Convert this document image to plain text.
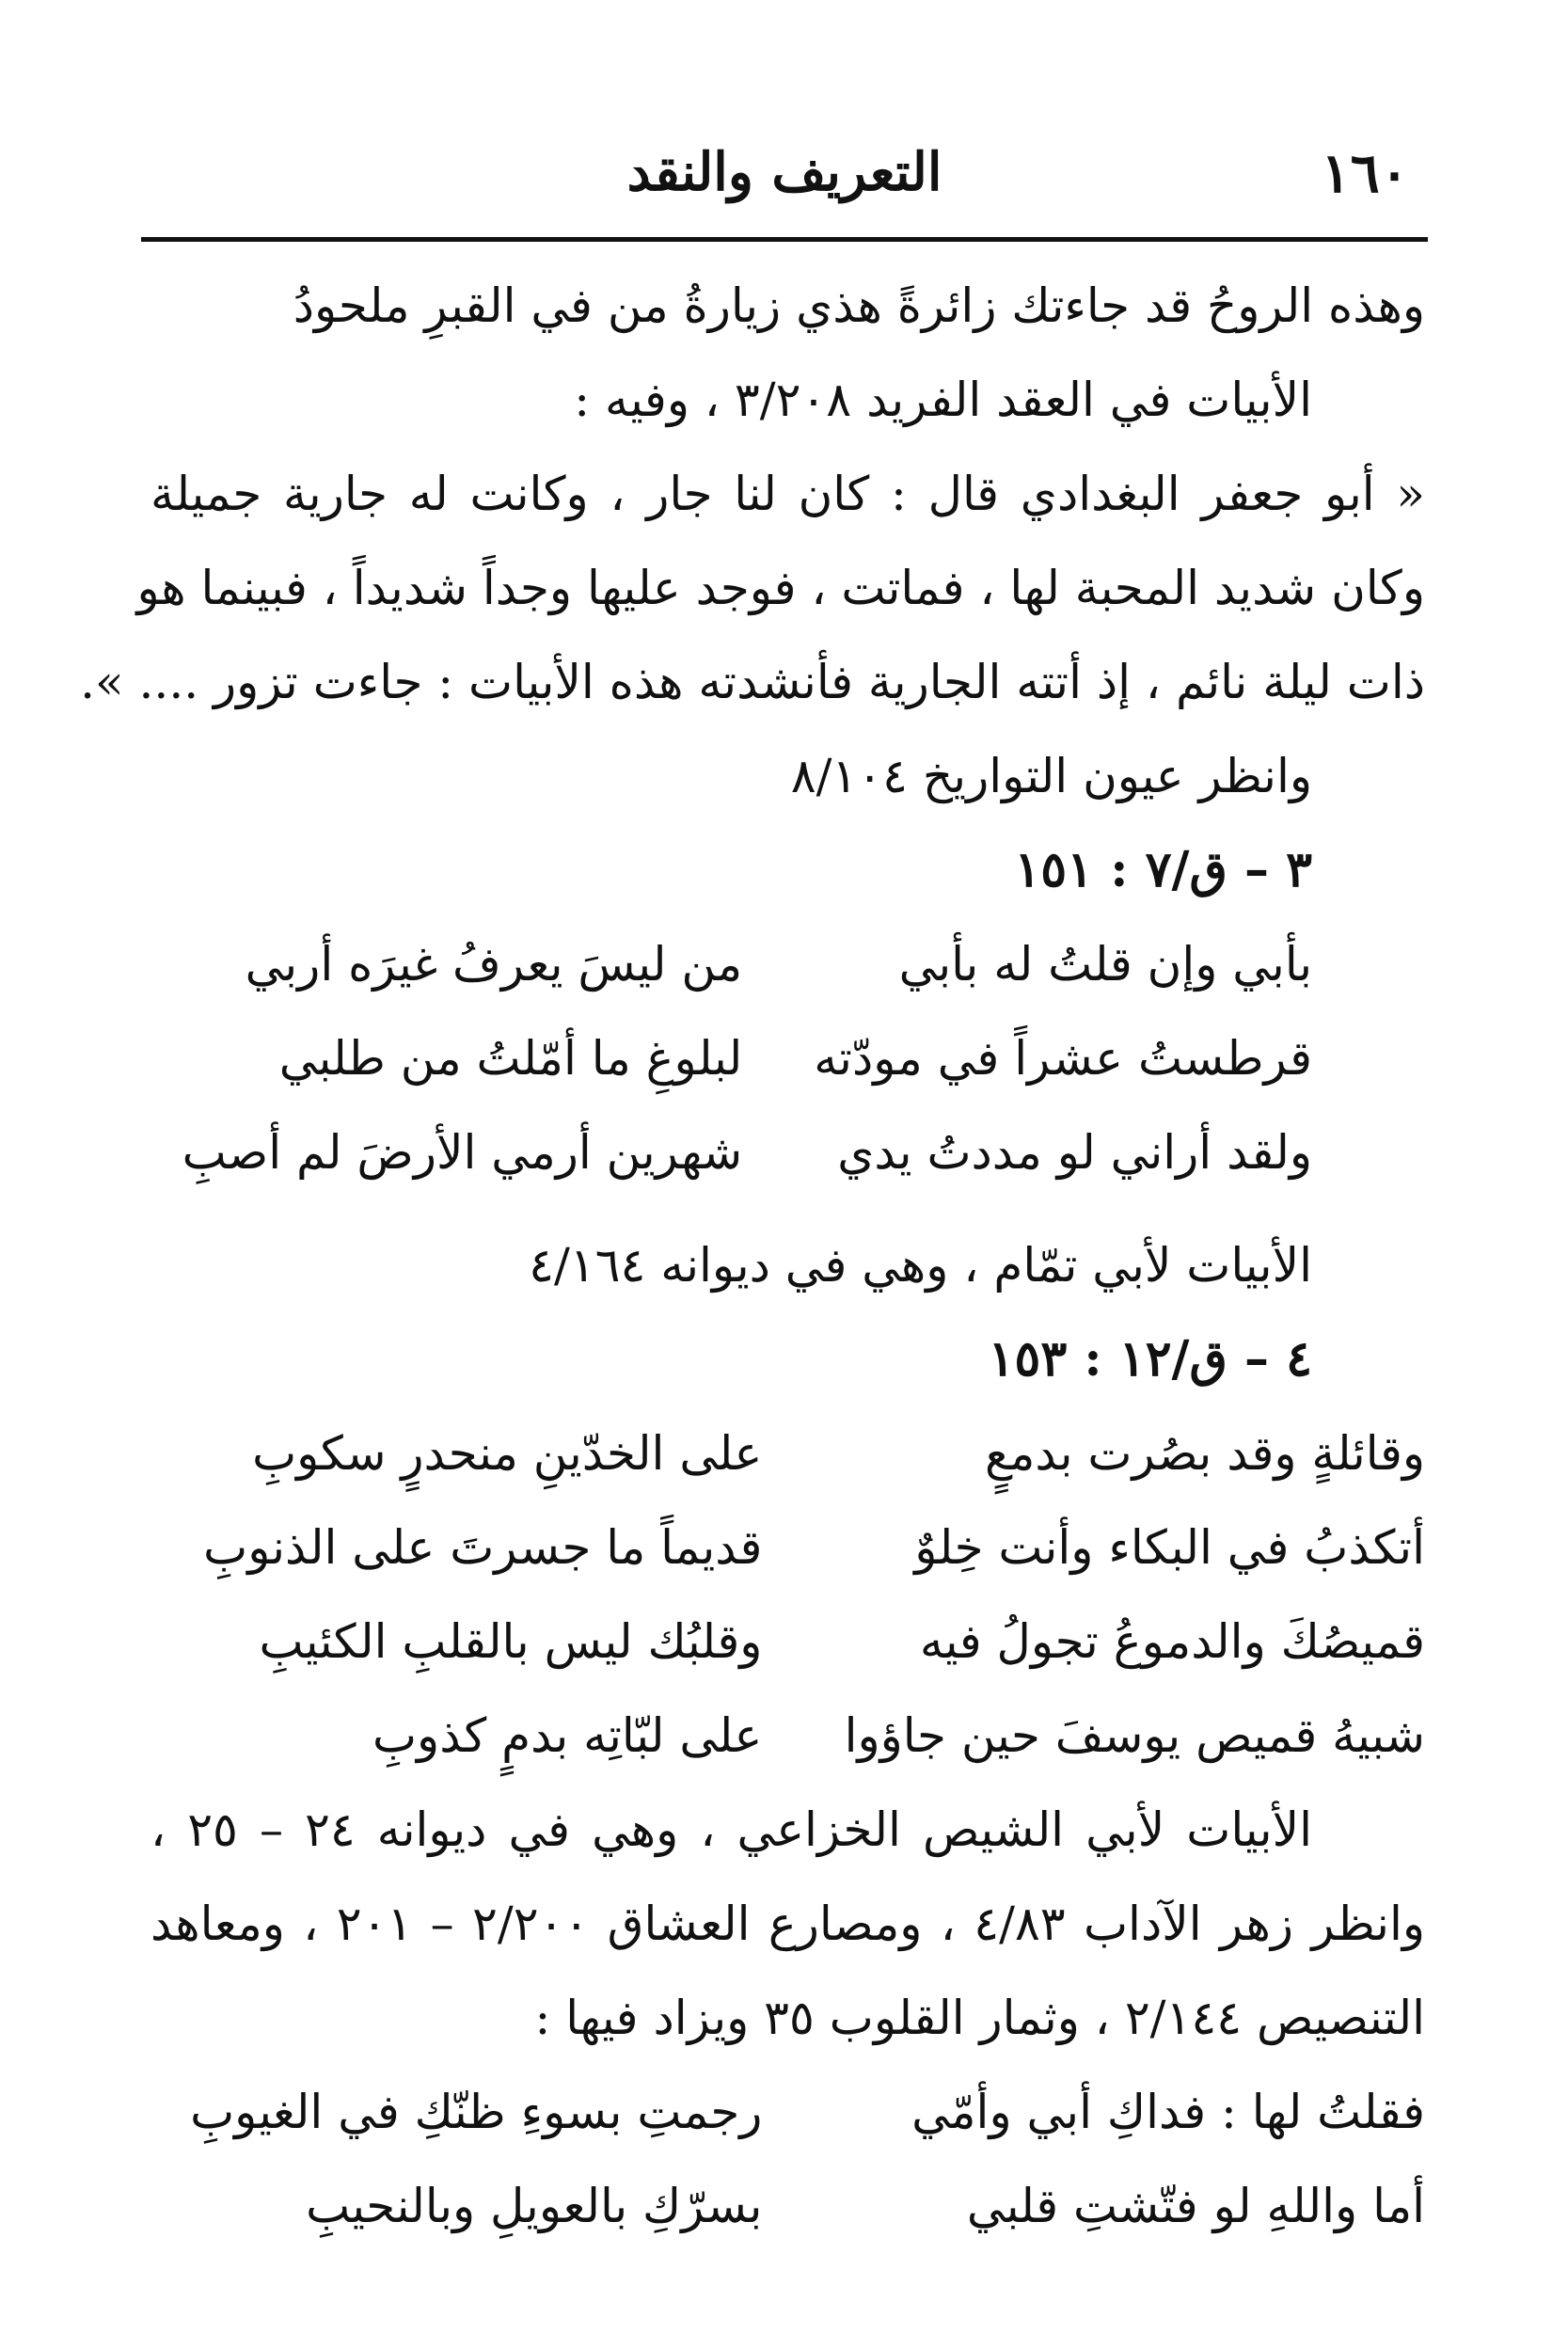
١٦٠
التعريف والنقد
وهذه الروحُ قد جاءتك زائرةً هذي زيارةُ من في القبرِ ملحودُ
الأبيات في العقد الفريد ٣/٢٠٨ ، وفيه :
« أبو جعفر البغدادي قال : كان لنا جار ، وكانت له جارية جميلة
وكان شديد المحبة لها ، فماتت ، فوجد عليها وجداً شديداً ، فبينما هو
ذات ليلة نائم ، إذ أتته الجارية فأنشدته هذه الأبيات : جاءت تزور .... ».
وانظر عيون التواريخ ٨/١٠٤
٣ – ق/٧ : ١٥١
بأبي وإن قلتُ له بأبي
من ليسَ يعرفُ غيرَه أربي
قرطستُ عشراً في مودّته
لبلوغِ ما أمّلتُ من طلبي
ولقد أراني لو مددتُ يدي
شهرين أرمي الأرضَ لم أصبِ
الأبيات لأبي تمّام ، وهي في ديوانه ٤/١٦٤
٤ – ق/١٢ : ١٥٣
وقائلةٍ وقد بصُرت بدمعٍ
على الخدّينِ منحدرٍ سكوبِ
أتكذبُ في البكاء وأنت خِلوٌ
قديماً ما جسرتَ على الذنوبِ
قميصُكَ والدموعُ تجولُ فيه
وقلبُك ليس بالقلبِ الكئيبِ
شبيهُ قميص يوسفَ حين جاؤوا
على لبّاتِه بدمٍ كذوبِ
الأبيات لأبي الشيص الخزاعي ، وهي في ديوانه ٢٤ – ٢٥ ،
وانظر زهر الآداب ٤/٨٣ ، ومصارع العشاق ٢/٢٠٠ – ٢٠١ ، ومعاهد
التنصيص ٢/١٤٤ ، وثمار القلوب ٣٥ ويزاد فيها :
فقلتُ لها : فداكِ أبي وأمّي
رجمتِ بسوءِ ظنّكِ في الغيوبِ
أما واللهِ لو فتّشتِ قلبي
بسرّكِ بالعويلِ وبالنحيبِ
